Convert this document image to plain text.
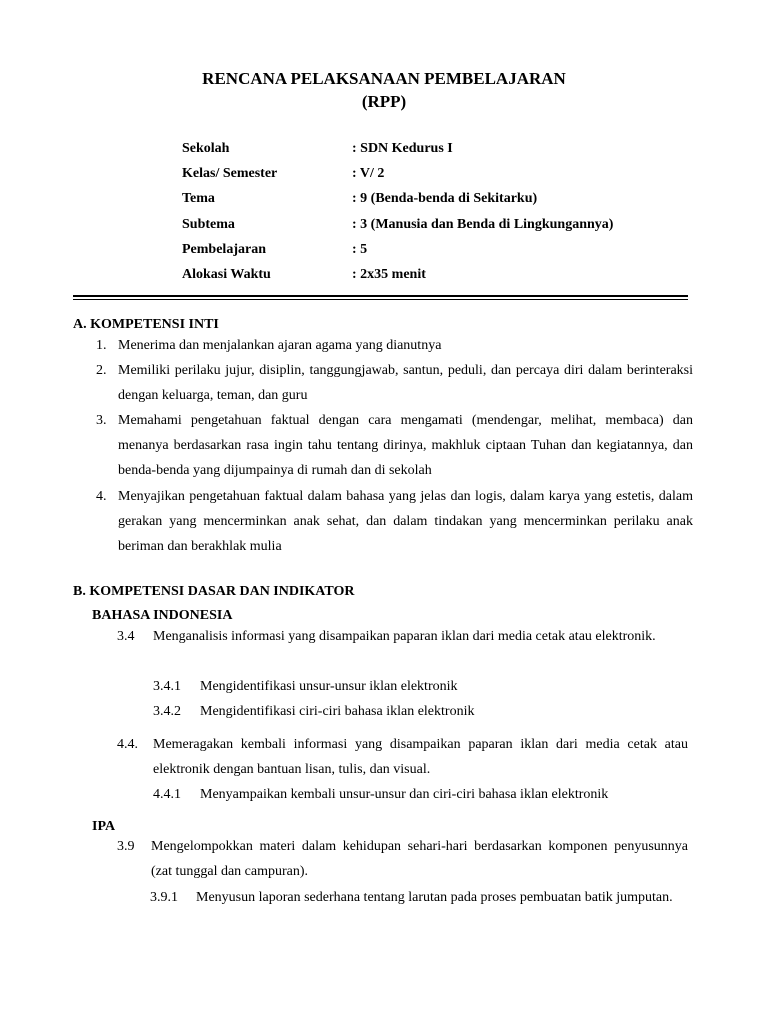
RENCANA PELAKSANAAN PEMBELAJARAN
(RPP)
Sekolah	: SDN Kedurus I
Kelas/ Semester	: V/ 2
Tema	: 9 (Benda-benda di Sekitarku)
Subtema	: 3 (Manusia dan Benda di Lingkungannya)
Pembelajaran	: 5
Alokasi Waktu	: 2x35 menit
A. KOMPETENSI INTI
1. Menerima dan menjalankan ajaran agama yang dianutnya
2. Memiliki perilaku jujur, disiplin, tanggungjawab, santun, peduli, dan percaya diri dalam berinteraksi dengan keluarga, teman, dan guru
3. Memahami pengetahuan faktual dengan cara mengamati (mendengar, melihat, membaca) dan menanya berdasarkan rasa ingin tahu tentang dirinya, makhluk ciptaan Tuhan dan kegiatannya, dan benda-benda yang dijumpainya di rumah dan di sekolah
4. Menyajikan pengetahuan faktual dalam bahasa yang jelas dan logis, dalam karya yang estetis, dalam gerakan yang mencerminkan anak sehat, dan dalam tindakan yang mencerminkan perilaku anak beriman dan berakhlak mulia
B. KOMPETENSI DASAR DAN INDIKATOR
BAHASA INDONESIA
3.4 Menganalisis informasi yang disampaikan paparan iklan dari media cetak atau elektronik.
3.4.1 Mengidentifikasi unsur-unsur iklan elektronik
3.4.2 Mengidentifikasi ciri-ciri bahasa iklan elektronik
4.4. Memeragakan kembali informasi yang disampaikan paparan iklan dari media cetak atau elektronik dengan bantuan lisan, tulis, dan visual.
4.4.1 Menyampaikan kembali unsur-unsur dan ciri-ciri bahasa iklan elektronik
IPA
3.9 Mengelompokkan materi dalam kehidupan sehari-hari berdasarkan komponen penyusunnya (zat tunggal dan campuran).
3.9.1 Menyusun laporan sederhana tentang larutan pada proses pembuatan batik jumputan.
